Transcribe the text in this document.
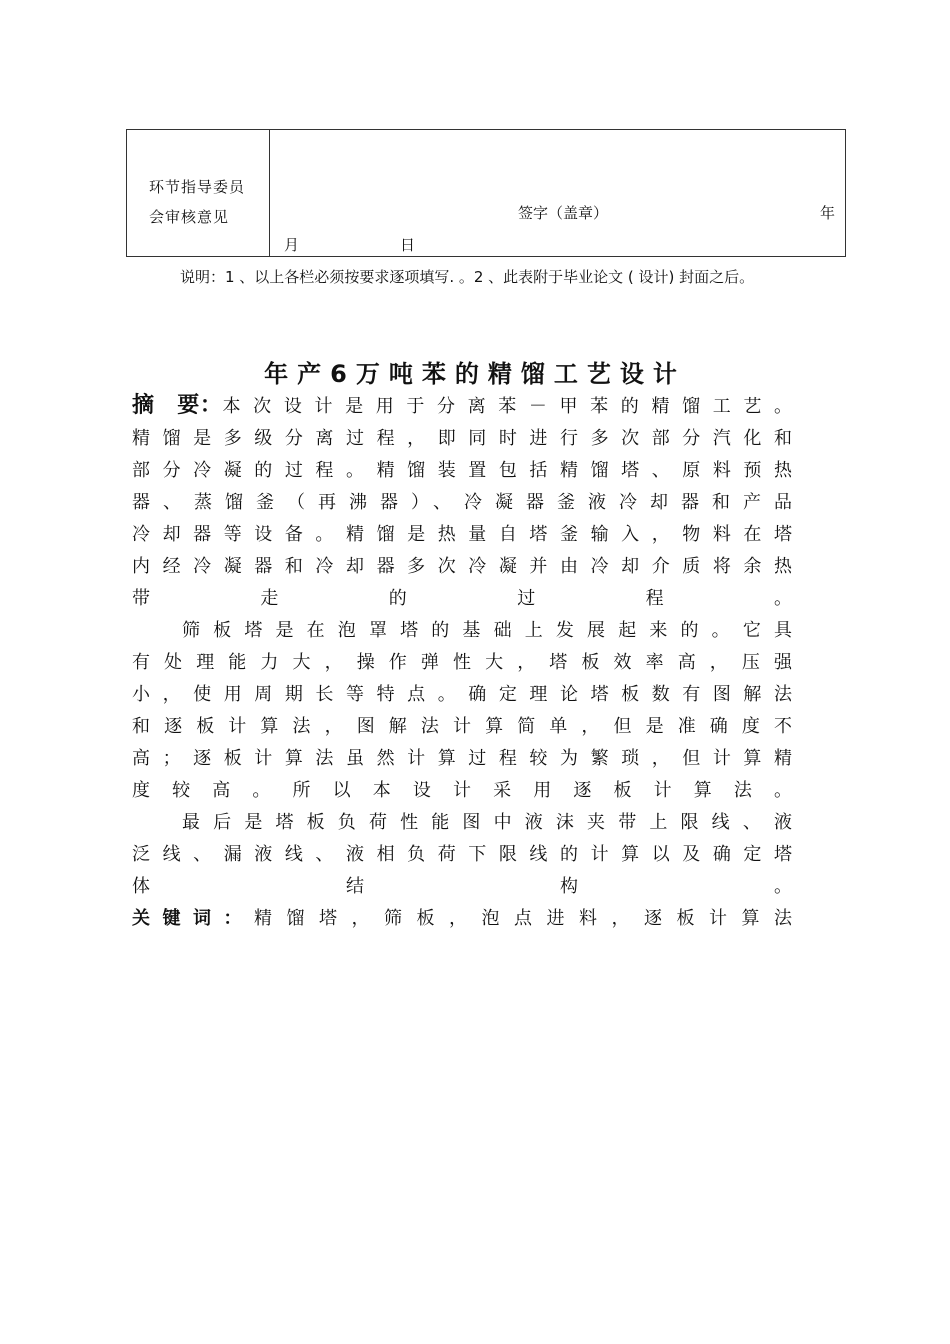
环节指导委员
会审核意见	签字（盖章）	年
月	日
说明：1 、以上各栏必须按要求逐项填写. 。2 、此表附于毕业论文 ( 设计) 封面之后。
年产6万吨苯的精馏工艺设计

摘　要：本次设计是用于分离苯－甲苯的精馏工艺。精馏是多级分离过程，即同时进行多次部分汽化和部分冷凝的过程。精馏装置包括精馏塔、原料预热器、蒸馏釜（再沸器）、冷凝器釜液冷却器和产品冷却器等设备。精馏是热量自塔釜输入，物料在塔内经冷凝器和冷却器多次冷凝并由冷却介质将余热带走的过程。

筛板塔是在泡罩塔的基础上发展起来的。它具有处理能力大，操作弹性大，塔板效率高，压强小，使用周期长等特点。确定理论塔板数有图解法和逐板计算法，图解法计算简单，但是准确度不高；逐板计算法虽然计算过程较为繁琐，但计算精度较高。所以本设计采用逐板计算法。

最后是塔板负荷性能图中液沫夹带上限线、液泛线、漏液线、液相负荷下限线的计算以及确定塔体结构。

关键词：精馏塔，筛板，泡点进料，逐板计算法
